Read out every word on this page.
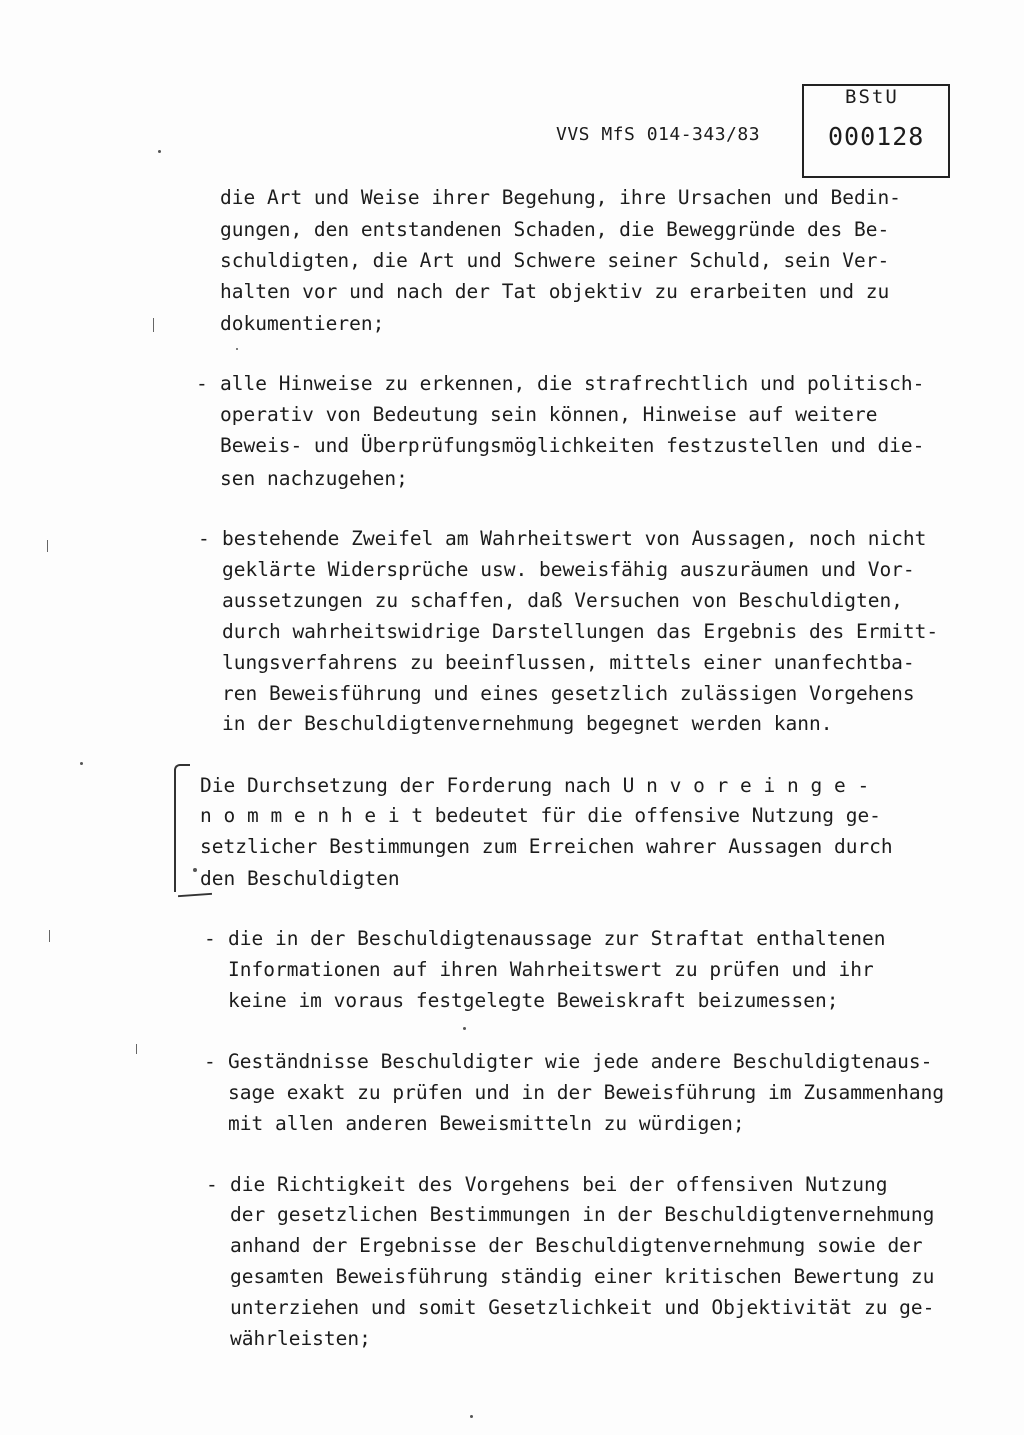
VVS MfS 014-343/83
BStU
000128
die Art und Weise ihrer Begehung, ihre Ursachen und Bedin-
gungen, den entstandenen Schaden, die Beweggründe des Be-
schuldigten, die Art und Schwere seiner Schuld, sein Ver-
halten vor und nach der Tat objektiv zu erarbeiten und zu
dokumentieren;
- alle Hinweise zu erkennen, die strafrechtlich und politisch-
operativ von Bedeutung sein können, Hinweise auf weitere
Beweis- und Überprüfungsmöglichkeiten festzustellen und die-
sen nachzugehen;
- bestehende Zweifel am Wahrheitswert von Aussagen, noch nicht
geklärte Widersprüche usw. beweisfähig auszuräumen und Vor-
aussetzungen zu schaffen, daß Versuchen von Beschuldigten,
durch wahrheitswidrige Darstellungen das Ergebnis des Ermitt-
lungsverfahrens zu beeinflussen, mittels einer unanfechtba-
ren Beweisführung und eines gesetzlich zulässigen Vorgehens
in der Beschuldigtenvernehmung begegnet werden kann.
Die Durchsetzung der Forderung nach U n v o r e i n g e -
n o m m e n h e i t bedeutet für die offensive Nutzung ge-
setzlicher Bestimmungen zum Erreichen wahrer Aussagen durch
den Beschuldigten
- die in der Beschuldigtenaussage zur Straftat enthaltenen
Informationen auf ihren Wahrheitswert zu prüfen und ihr
keine im voraus festgelegte Beweiskraft beizumessen;
- Geständnisse Beschuldigter wie jede andere Beschuldigtenaus-
sage exakt zu prüfen und in der Beweisführung im Zusammenhang
mit allen anderen Beweismitteln zu würdigen;
- die Richtigkeit des Vorgehens bei der offensiven Nutzung
der gesetzlichen Bestimmungen in der Beschuldigtenvernehmung
anhand der Ergebnisse der Beschuldigtenvernehmung sowie der
gesamten Beweisführung ständig einer kritischen Bewertung zu
unterziehen und somit Gesetzlichkeit und Objektivität zu ge-
währleisten;
